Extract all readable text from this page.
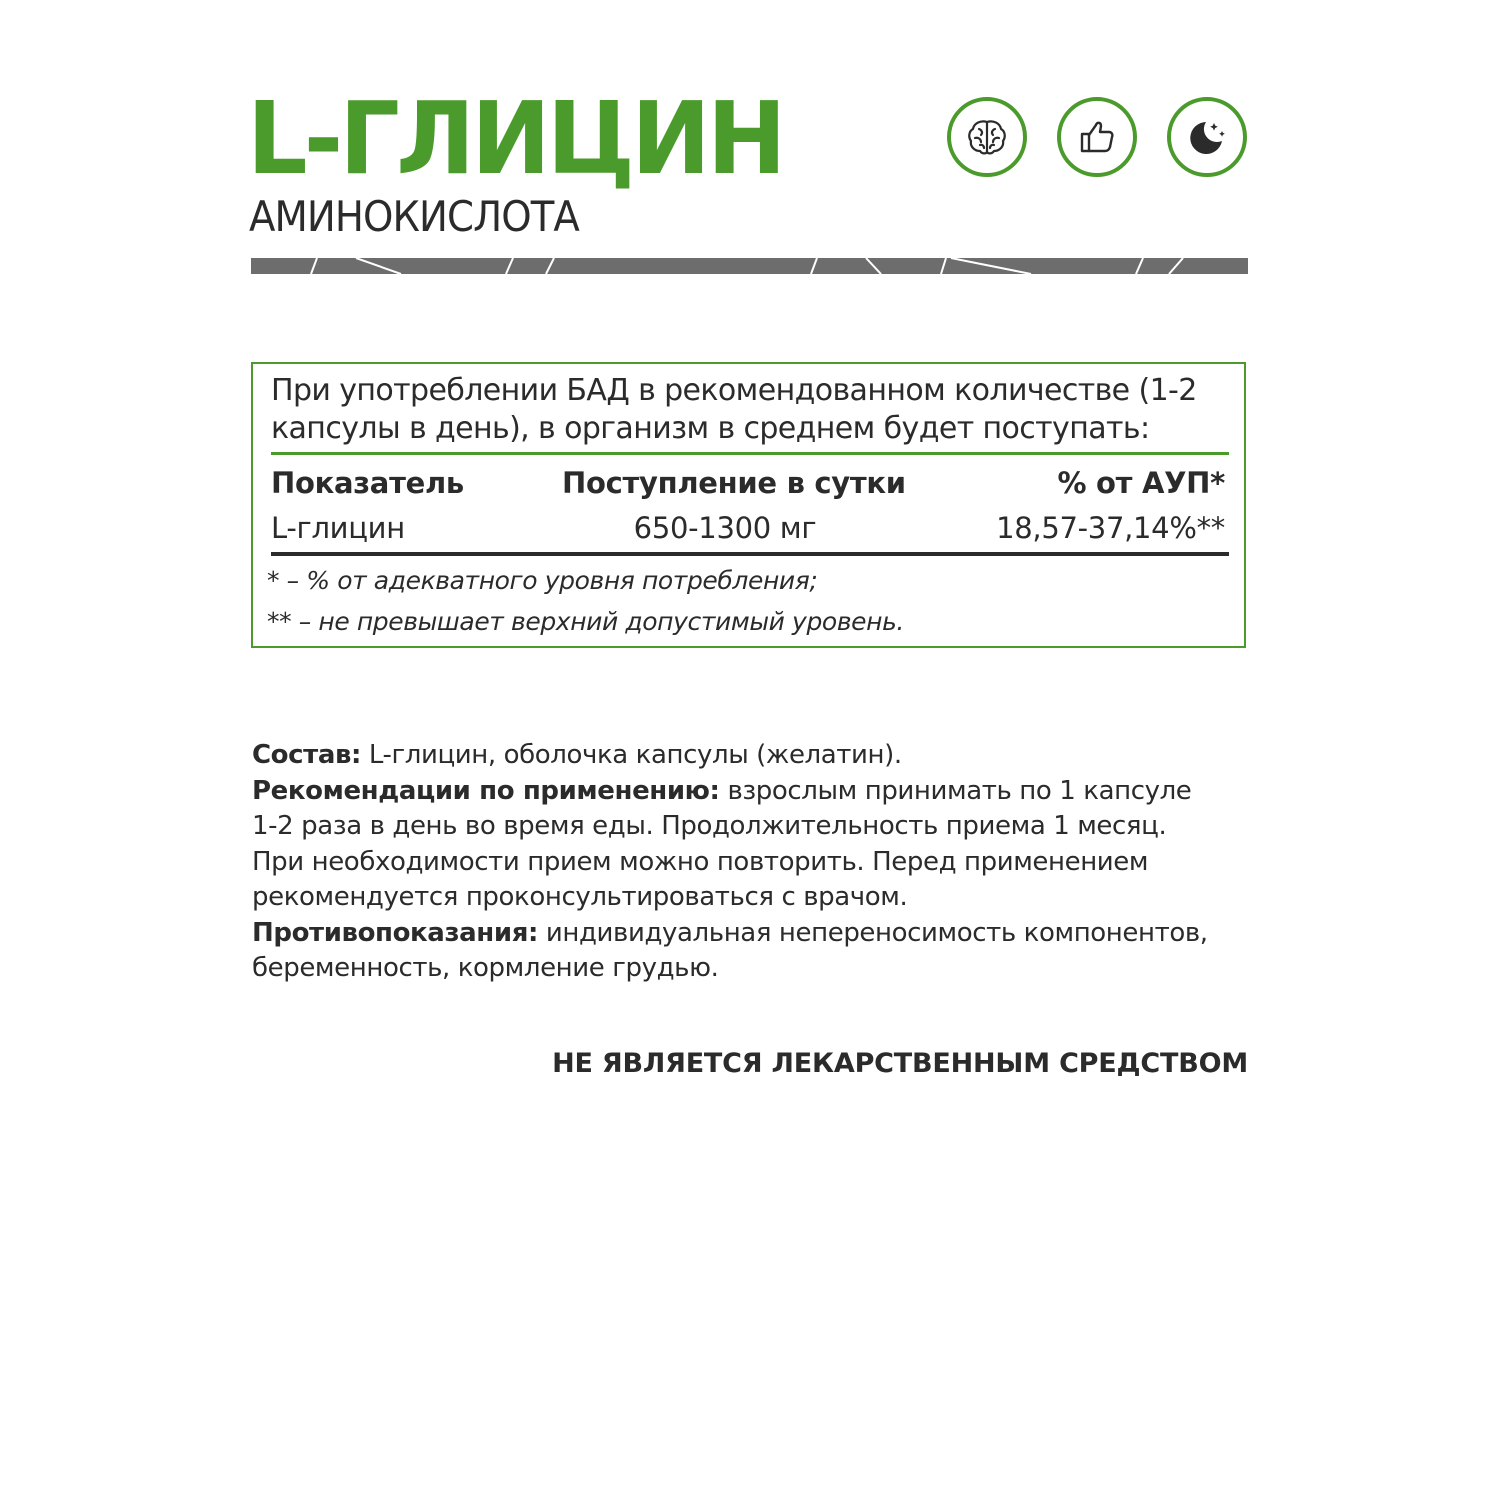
L-ГЛИЦИН
АМИНОКИСЛОТА

При употреблении БАД в рекомендованном количестве (1-2 капсулы в день), в организм в среднем будет поступать:

Показатель	Поступление в сутки	% от АУП*
L-глицин	650-1300 мг	18,57-37,14%**
* – % от адекватного уровня потребления;
** – не превышает верхний допустимый уровень.

Состав: L-глицин, оболочка капсулы (желатин).

Рекомендации по применению: взрослым принимать по 1 капсуле 1-2 раза в день во время еды. Продолжительность приема 1 месяц. При необходимости прием можно повторить. Перед применением рекомендуется проконсультироваться с врачом.

Противопоказания: индивидуальная непереносимость компонентов, беременность, кормление грудью.

НЕ ЯВЛЯЕТСЯ ЛЕКАРСТВЕННЫМ СРЕДСТВОМ
